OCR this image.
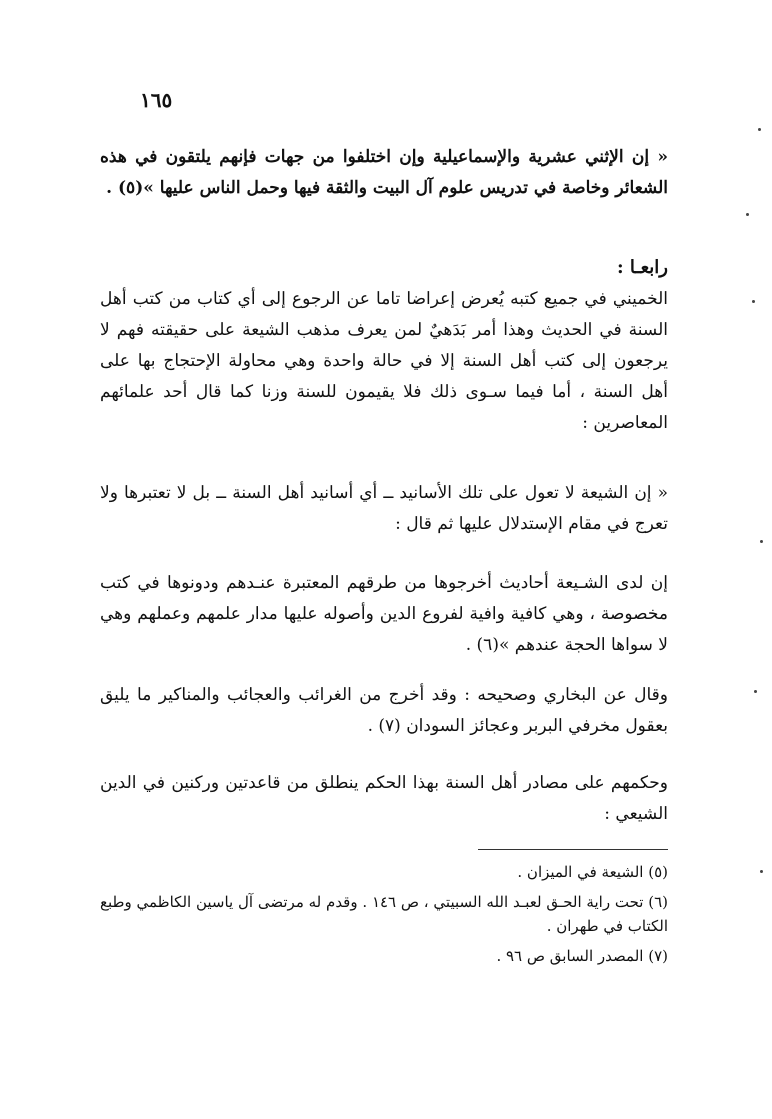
١٦٥

« إن الإثني عشرية والإسماعيلية وإن اختلفوا من جهات فإنهم يلتقون في هذه الشعائر وخاصة في تدريس علوم آل البيت والثقة فيها وحمل الناس عليها »(٥) .

رابعـا :

الخميني في جميع كتبه يُعرض إعراضا تاما عن الرجوع إلى أي كتاب من كتب أهل السنة في الحديث وهذا أمر بَدَهيٌ لمن يعرف مذهب الشيعة على حقيقته فهم لا يرجعون إلى كتب أهل السنة إلا في حالة واحدة وهي محاولة الإحتجاج بها على أهل السنة ، أما فيما سـوى ذلك فلا يقيمون للسنة وزنا كما قال أحد علمائهم المعاصرين :

« إن الشيعة لا تعول على تلك الأسانيد ــ أي أسانيد أهل السنة ــ بل لا تعتبرها ولا تعرج في مقام الإستدلال عليها ثم قال :

إن لدى الشـيعة أحاديث أخرجوها من طرقهم المعتبرة عنـدهم ودونوها في كتب مخصوصة ، وهي كافية وافية لفروع الدين وأصوله عليها مدار علمهم وعملهم وهي لا سواها الحجة عندهم »(٦) .

وقال عن البخاري وصحيحه : وقد أخرج من الغرائب والعجائب والمناكير ما يليق بعقول مخرفي البربر وعجائز السودان (٧) .

وحكمهم على مصادر أهل السنة بهذا الحكم ينطلق من قاعدتين وركنين في الدين الشيعي :

(٥) الشيعة في الميزان .

(٦) تحت راية الحـق لعبـد الله السبيتي ، ص ١٤٦ . وقدم له مرتضى آل ياسين الكاظمي وطبع الكتاب في طهران .

(٧) المصدر السابق ص ٩٦ .
